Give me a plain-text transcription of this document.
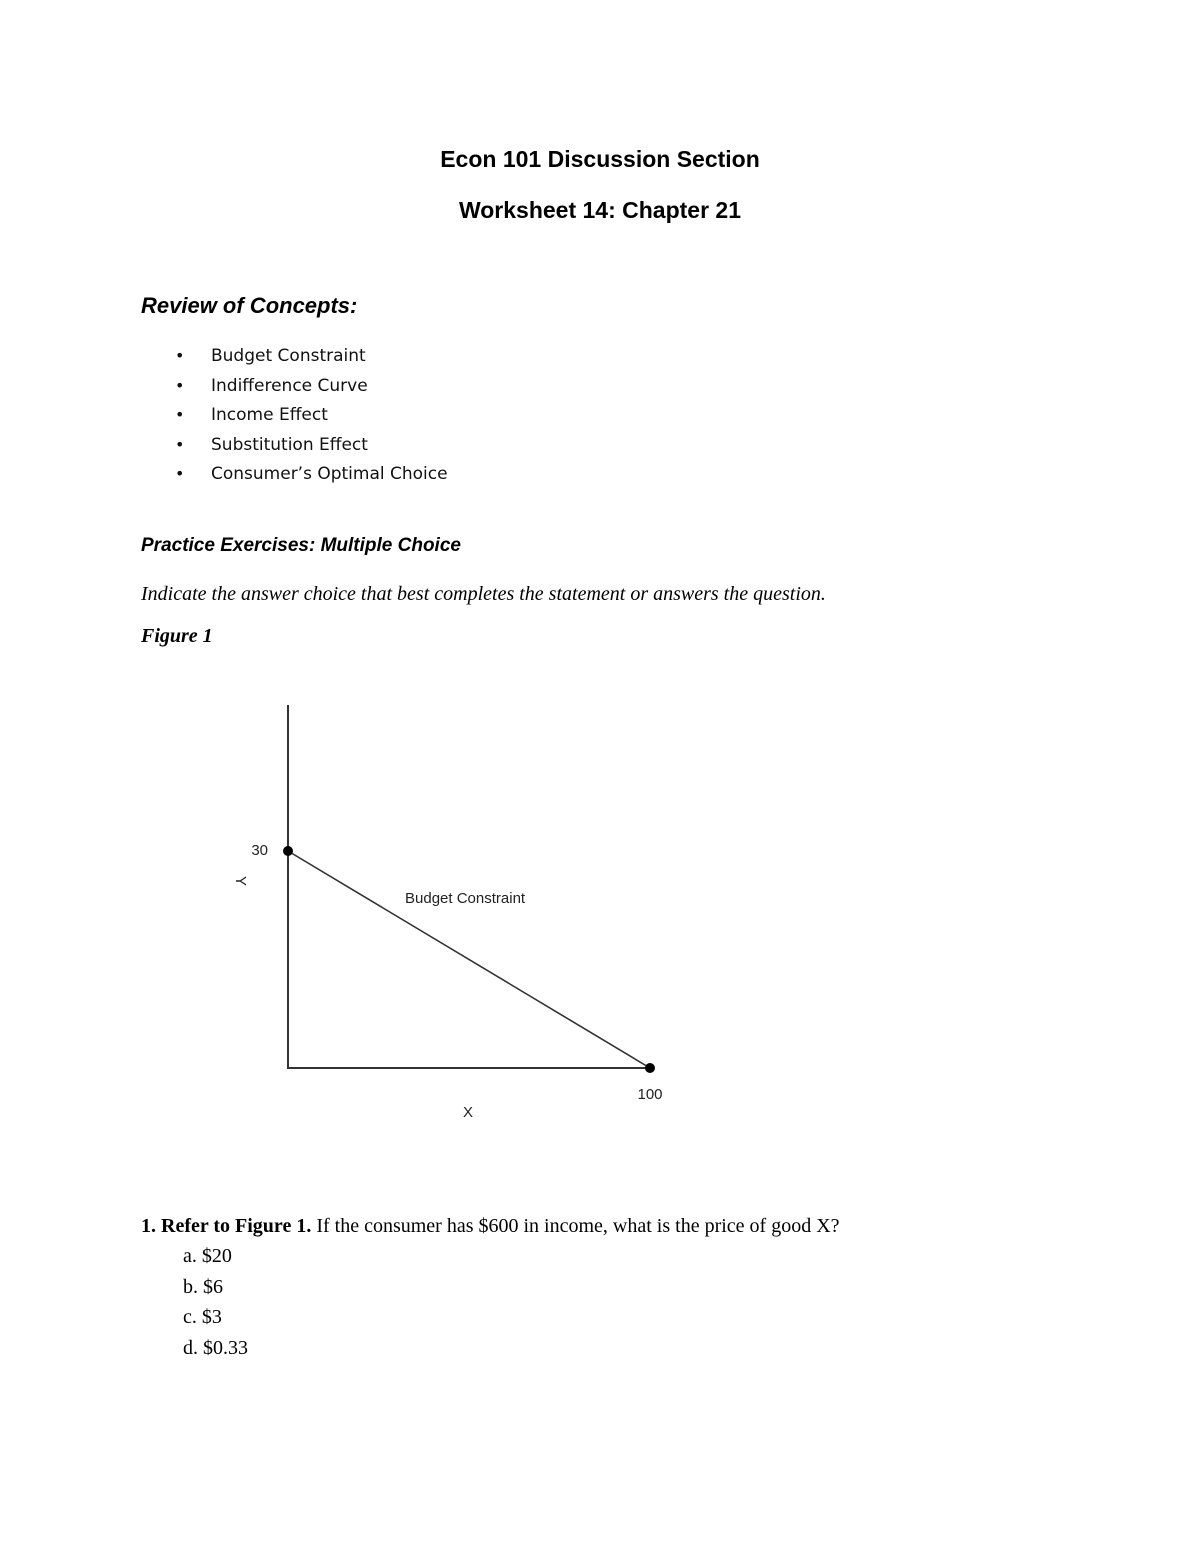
Econ 101 Discussion Section
Worksheet 14: Chapter 21
Review of Concepts:
• Budget Constraint
• Indifference Curve
• Income Effect
• Substitution Effect
• Consumer’s Optimal Choice
Practice Exercises: Multiple Choice

Indicate the answer choice that best completes the statement or answers the question.

Figure 1

30
100
Y
X
Budget Constraint

1. Refer to Figure 1. If the consumer has $600 in income, what is the price of good X?

a. $20
b. $6
c. $3
d. $0.33
